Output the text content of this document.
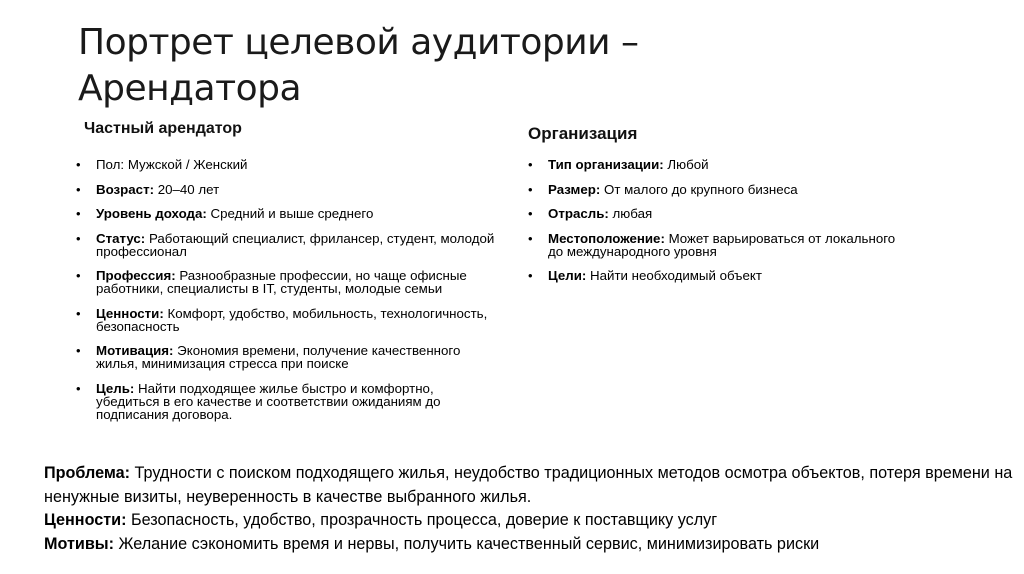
Портрет целевой аудитории –
Арендатора
Частный арендатор	Организация
• Пол: Мужской / Женский
• Возраст: 20–40 лет
• Уровень дохода: Средний и выше среднего
• Статус: Работающий специалист, фрилансер, студент, молодой профессионал
• Профессия: Разнообразные профессии, но чаще офисные работники, специалисты в IT, студенты, молодые семьи
• Ценности: Комфорт, удобство, мобильность, технологичность, безопасность
• Мотивация: Экономия времени, получение качественного жилья, минимизация стресса при поиске
• Цель: Найти подходящее жилье быстро и комфортно, убедиться в его качестве и соответствии ожиданиям до подписания договора.
• Тип организации: Любой
• Размер: От малого до крупного бизнеса
• Отрасль: любая
• Местоположение: Может варьироваться от локального до международного уровня
• Цели: Найти необходимый объект

Проблема: Трудности с поиском подходящего жилья, неудобство традиционных методов осмотра объектов, потеря времени на ненужные визиты, неуверенность в качестве выбранного жилья.

Ценности: Безопасность, удобство, прозрачность процесса, доверие к поставщику услуг

Мотивы: Желание сэкономить время и нервы, получить качественный сервис, минимизировать риски
